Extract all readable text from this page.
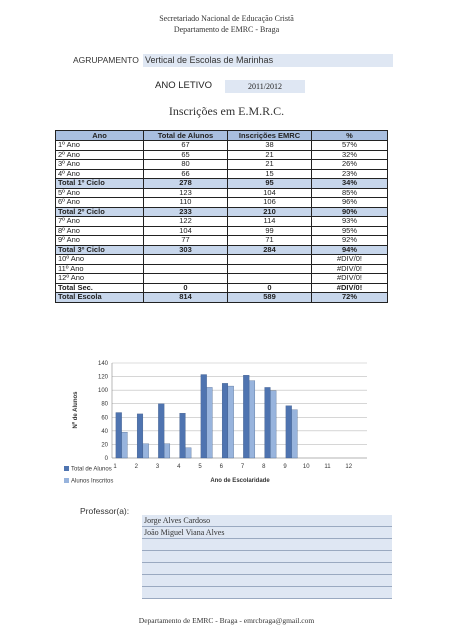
Secretariado Nacional de Educação Cristã
Departamento de EMRC - Braga
AGRUPAMENTO Vertical de Escolas de Marinhas
ANO LETIVO	2011/2012
Inscrições em E.M.R.C.
Ano	Total de Alunos	Inscrições EMRC	%
1º Ano	67	38	57%
2º Ano	65	21	32%
3º Ano	80	21	26%
4º Ano	66	15	23%
Total 1º Ciclo	278	95	34%
5º Ano	123	104	85%
6º Ano	110	106	96%
Total 2º Ciclo	233	210	90%
7º Ano	122	114	93%
8º Ano	104	99	95%
9º Ano	77	71	92%
Total 3º Ciclo	303	284	94%
10º Ano			#DIV/0!
11º Ano			#DIV/0!
12º Ano			#DIV/0!
Total Sec.	0	0	#DIV/0!
Total Escola	814	589	72%
0
20
40
60
80
100
120
140
1	2	3	4	5	6	7	8	9	10 11 12
Nº de Alunos
Ano de Escolaridade
Total de Alunos
Alunos Inscritos
Professor(a):
Jorge Alves Cardoso
João Miguel Viana Alves
Departamento de EMRC - Braga - emrcbraga@gmail.com
